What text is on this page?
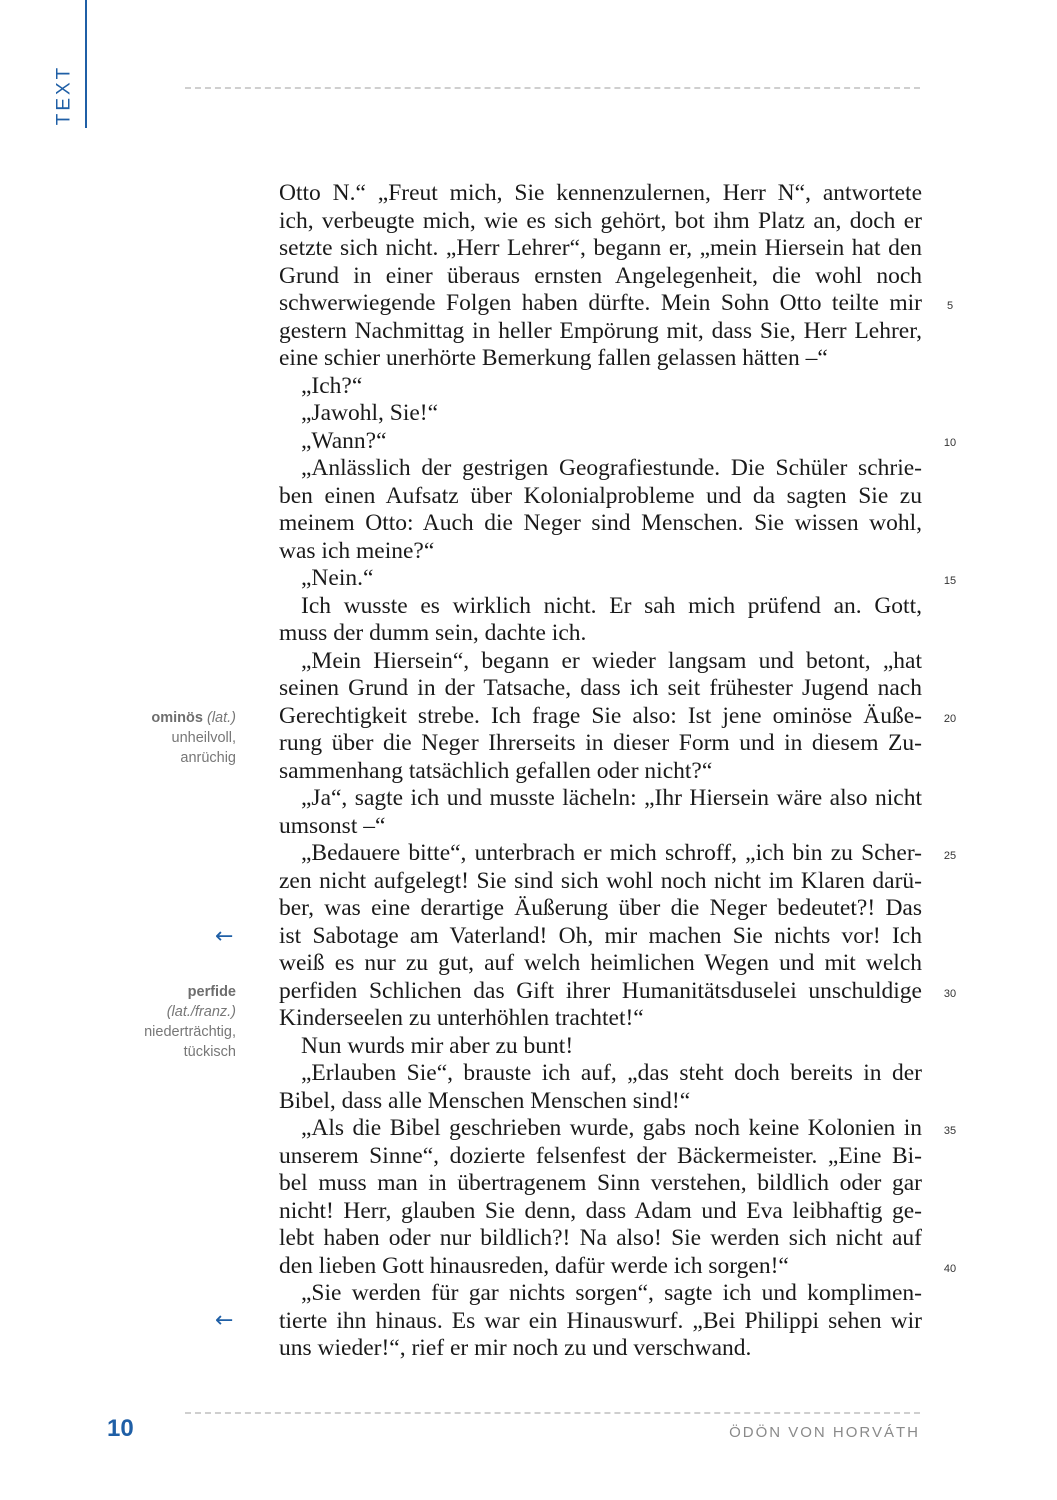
TEXT
Otto N.“ „Freut mich, Sie kennenzulernen, Herr N“, antwortete
ich, verbeugte mich, wie es sich gehört, bot ihm Platz an, doch er
setzte sich nicht. „Herr Lehrer“, begann er, „mein Hiersein hat den
Grund in einer überaus ernsten Angelegenheit, die wohl noch
schwerwiegende Folgen haben dürfte. Mein Sohn Otto teilte mir
gestern Nachmittag in heller Empörung mit, dass Sie, Herr Lehrer,
eine schier unerhörte Bemerkung fallen gelassen hätten –“
„Ich?“
„Jawohl, Sie!“
„Wann?“
„Anlässlich der gestrigen Geografiestunde. Die Schüler schrie-
ben einen Aufsatz über Kolonialprobleme und da sagten Sie zu
meinem Otto: Auch die Neger sind Menschen. Sie wissen wohl,
was ich meine?“
„Nein.“
Ich wusste es wirklich nicht. Er sah mich prüfend an. Gott,
muss der dumm sein, dachte ich.
„Mein Hiersein“, begann er wieder langsam und betont, „hat
seinen Grund in der Tatsache, dass ich seit frühester Jugend nach
Gerechtigkeit strebe. Ich frage Sie also: Ist jene ominöse Äuße-
rung über die Neger Ihrerseits in dieser Form und in diesem Zu-
sammenhang tatsächlich gefallen oder nicht?“
„Ja“, sagte ich und musste lächeln: „Ihr Hiersein wäre also nicht
umsonst –“
„Bedauere bitte“, unterbrach er mich schroff, „ich bin zu Scher-
zen nicht aufgelegt! Sie sind sich wohl noch nicht im Klaren darü-
ber, was eine derartige Äußerung über die Neger bedeutet?! Das
ist Sabotage am Vaterland! Oh, mir machen Sie nichts vor! Ich
weiß es nur zu gut, auf welch heimlichen Wegen und mit welch
perfiden Schlichen das Gift ihrer Humanitätsduselei unschuldige
Kinderseelen zu unterhöhlen trachtet!“
Nun wurds mir aber zu bunt!
„Erlauben Sie“, brauste ich auf, „das steht doch bereits in der
Bibel, dass alle Menschen Menschen sind!“
„Als die Bibel geschrieben wurde, gabs noch keine Kolonien in
unserem Sinne“, dozierte felsenfest der Bäckermeister. „Eine Bi-
bel muss man in übertragenem Sinn verstehen, bildlich oder gar
nicht! Herr, glauben Sie denn, dass Adam und Eva leibhaftig ge-
lebt haben oder nur bildlich?! Na also! Sie werden sich nicht auf
den lieben Gott hinausreden, dafür werde ich sorgen!“
„Sie werden für gar nichts sorgen“, sagte ich und komplimen-
tierte ihn hinaus. Es war ein Hinauswurf. „Bei Philippi sehen wir
uns wieder!“, rief er mir noch zu und verschwand.
5
10
15
20
25
30
35
40
ominös (lat.)
unheilvoll,
anrüchig
←
perfide
(lat./franz.)
niederträchtig,
tückisch
←
10	ÖDÖN VON HORVÁTH
